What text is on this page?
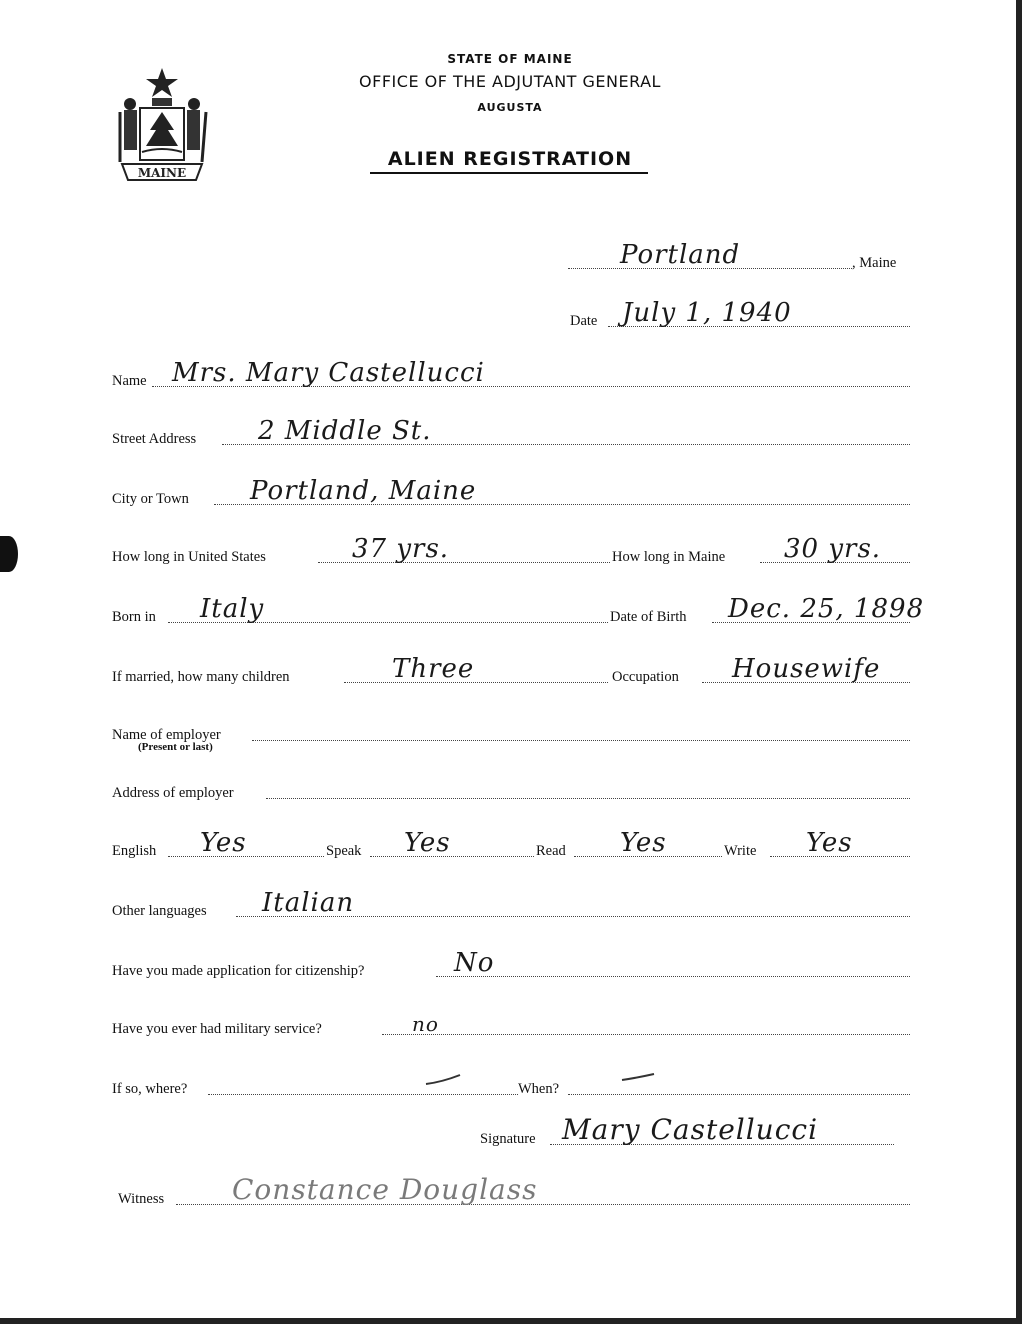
MAINE
STATE OF MAINE
OFFICE OF THE ADJUTANT GENERAL
AUGUSTA
ALIEN REGISTRATION
Portland	, Maine
Date July 1, 1940
Name Mrs. Mary Castellucci
Street Address 2 Middle St.
City or Town Portland, Maine
How long in United States	37 yrs.	How long in Maine 30 yrs.
Born in Italy	Date of Birth Dec. 25, 1898
If married, how many children	Three	Occupation Housewife
Name of employer
(Present or last)
Address of employer
English Yes	Speak Yes	Read Yes	Write Yes
Other languages Italian
Have you made application for citizenship?	No
Have you ever had military service?	no
If so, where?	When?
Signature Mary Castellucci
Witness Constance Douglass
